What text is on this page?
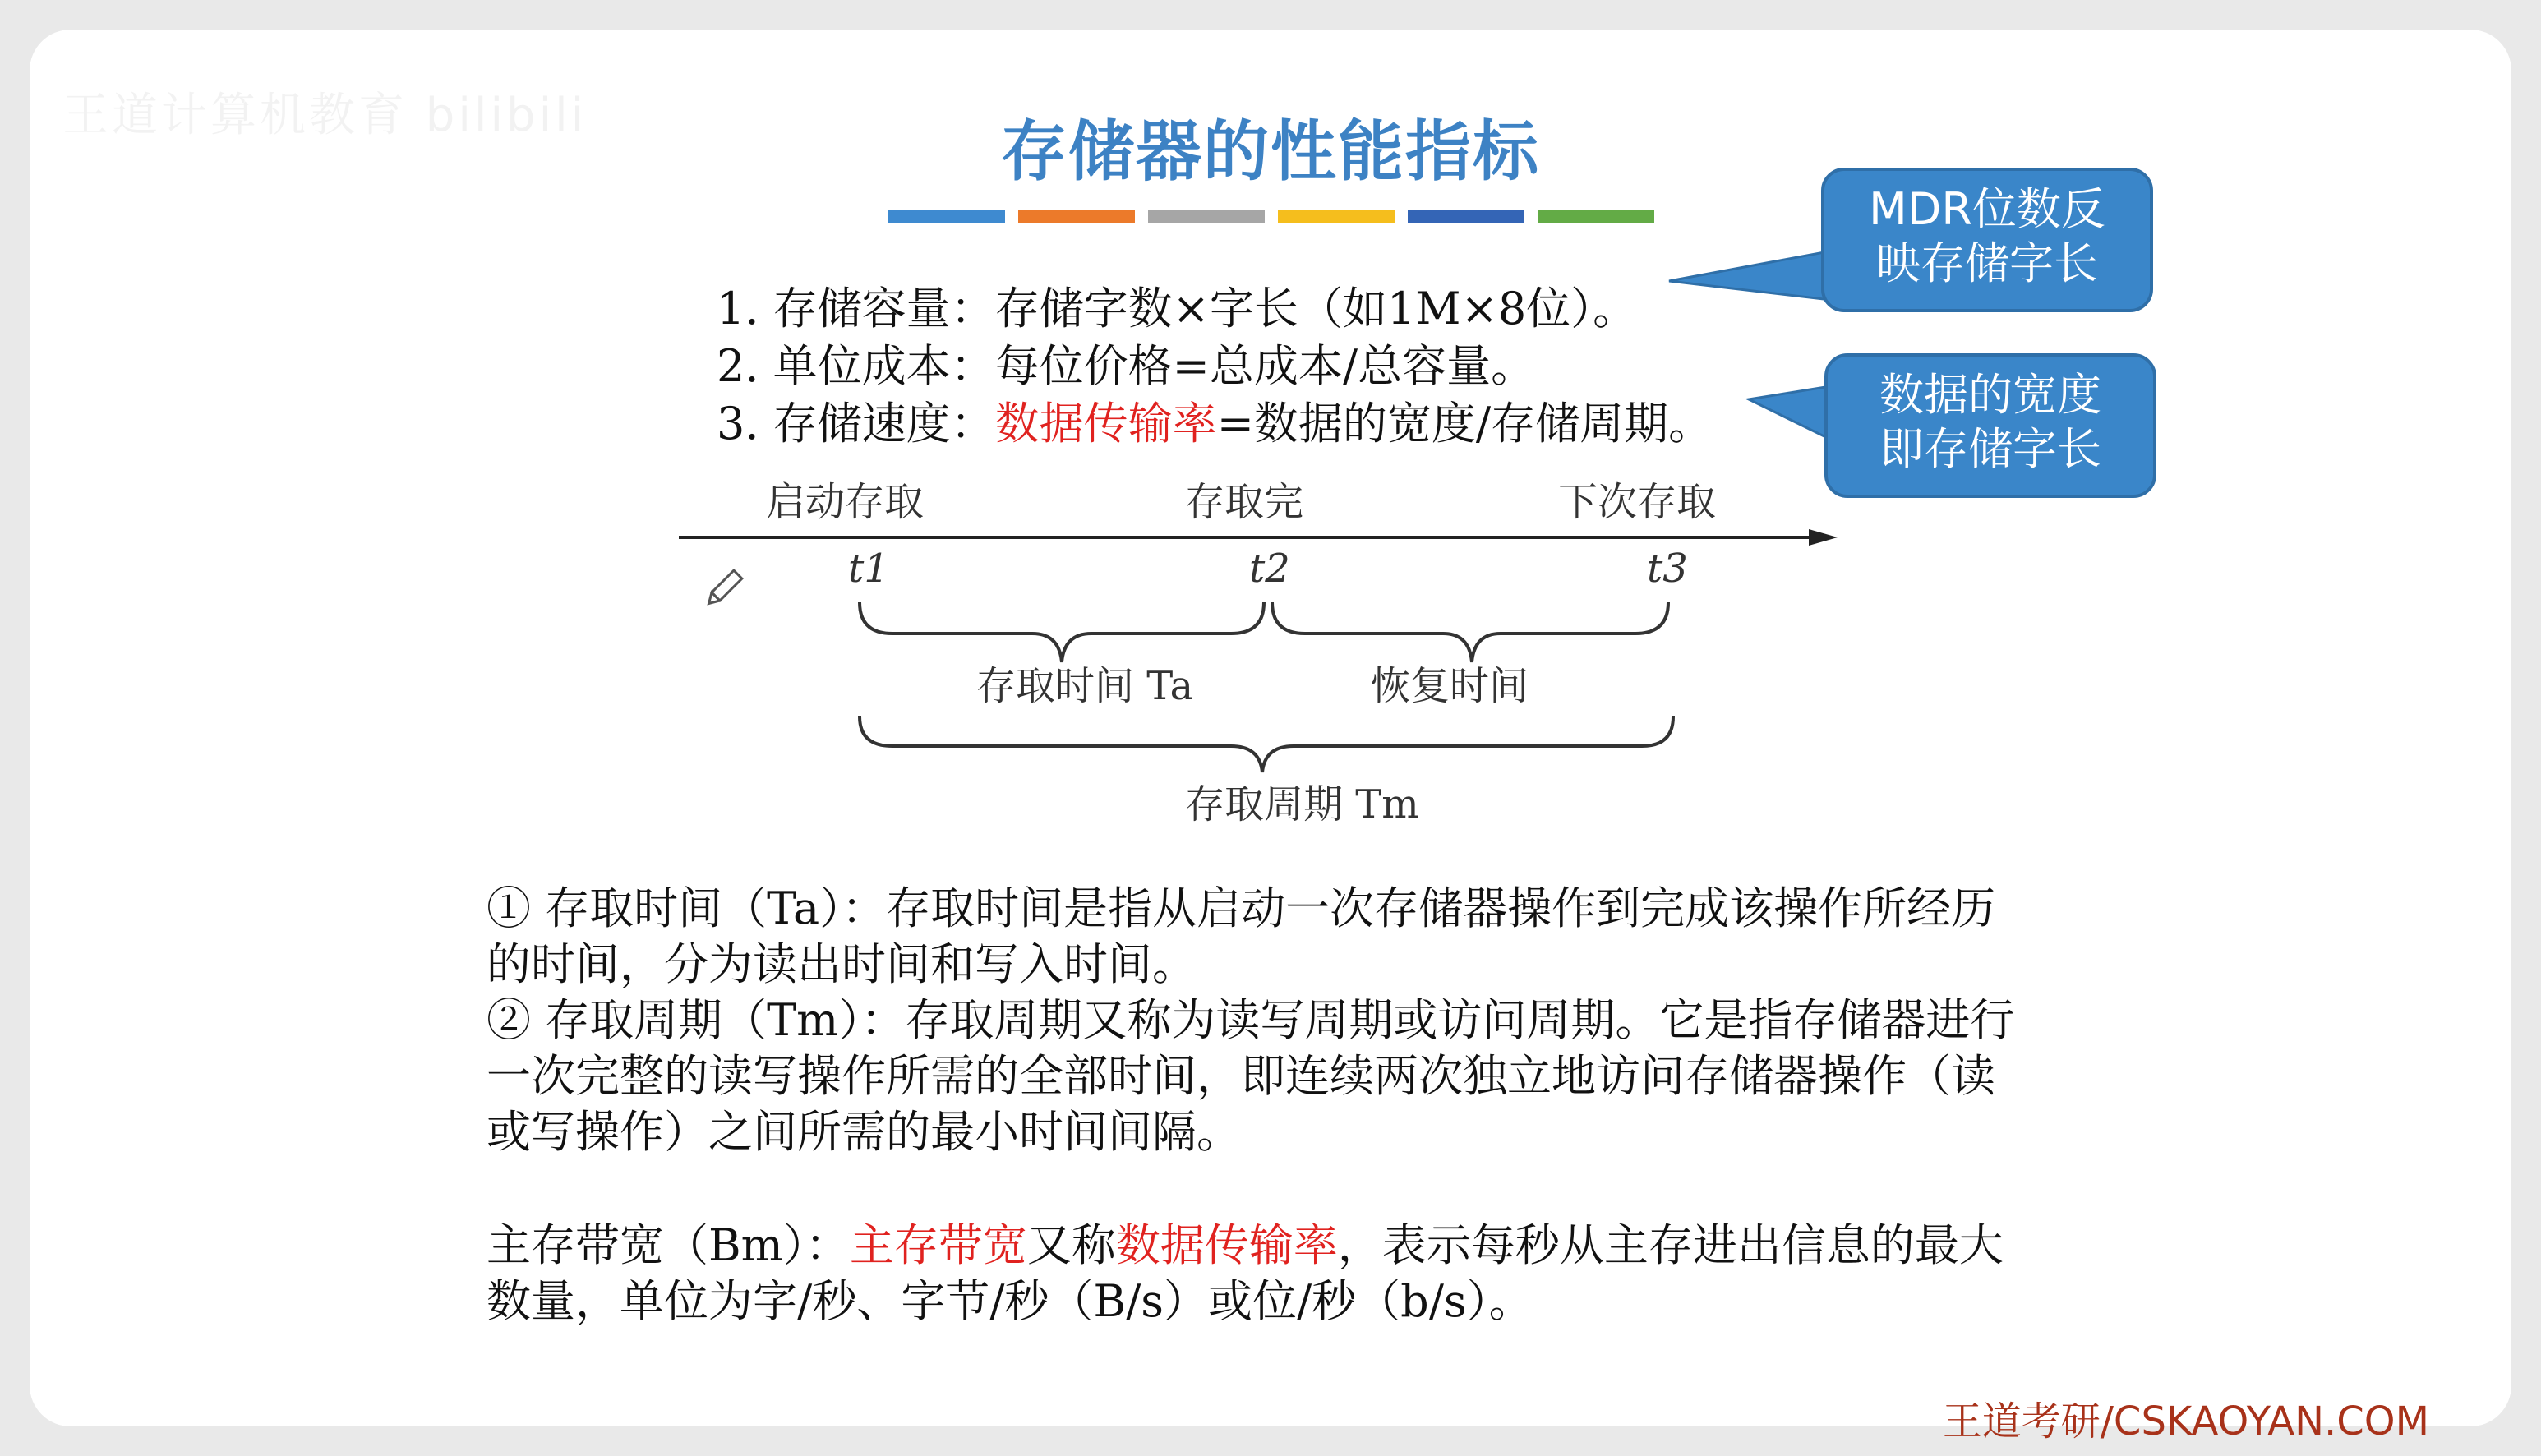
王道计算机教育 bilibili	存储器的性能指标
1. 存储容量：存储字数×字长（如1M×8位）。
2. 单位成本：每位价格=总成本/总容量。
3. 存储速度：数据传输率=数据的宽度/存储周期。
启动存取	存取完	下次存取
t1	t2	t3
存取时间 Ta	恢复时间
存取周期 Tm
MDR位数反
映存储字长
数据的宽度
即存储字长
① 存取时间（Ta）：存取时间是指从启动一次存储器操作到完成该操作所经历
的时间，分为读出时间和写入时间。
② 存取周期（Tm）：存取周期又称为读写周期或访问周期。它是指存储器进行
一次完整的读写操作所需的全部时间，即连续两次独立地访问存储器操作（读
或写操作）之间所需的最小时间间隔。
主存带宽（Bm）：主存带宽又称数据传输率，表示每秒从主存进出信息的最大
数量，单位为字/秒、字节/秒（B/s）或位/秒（b/s）。
王道考研/CSKAOYAN.COM
